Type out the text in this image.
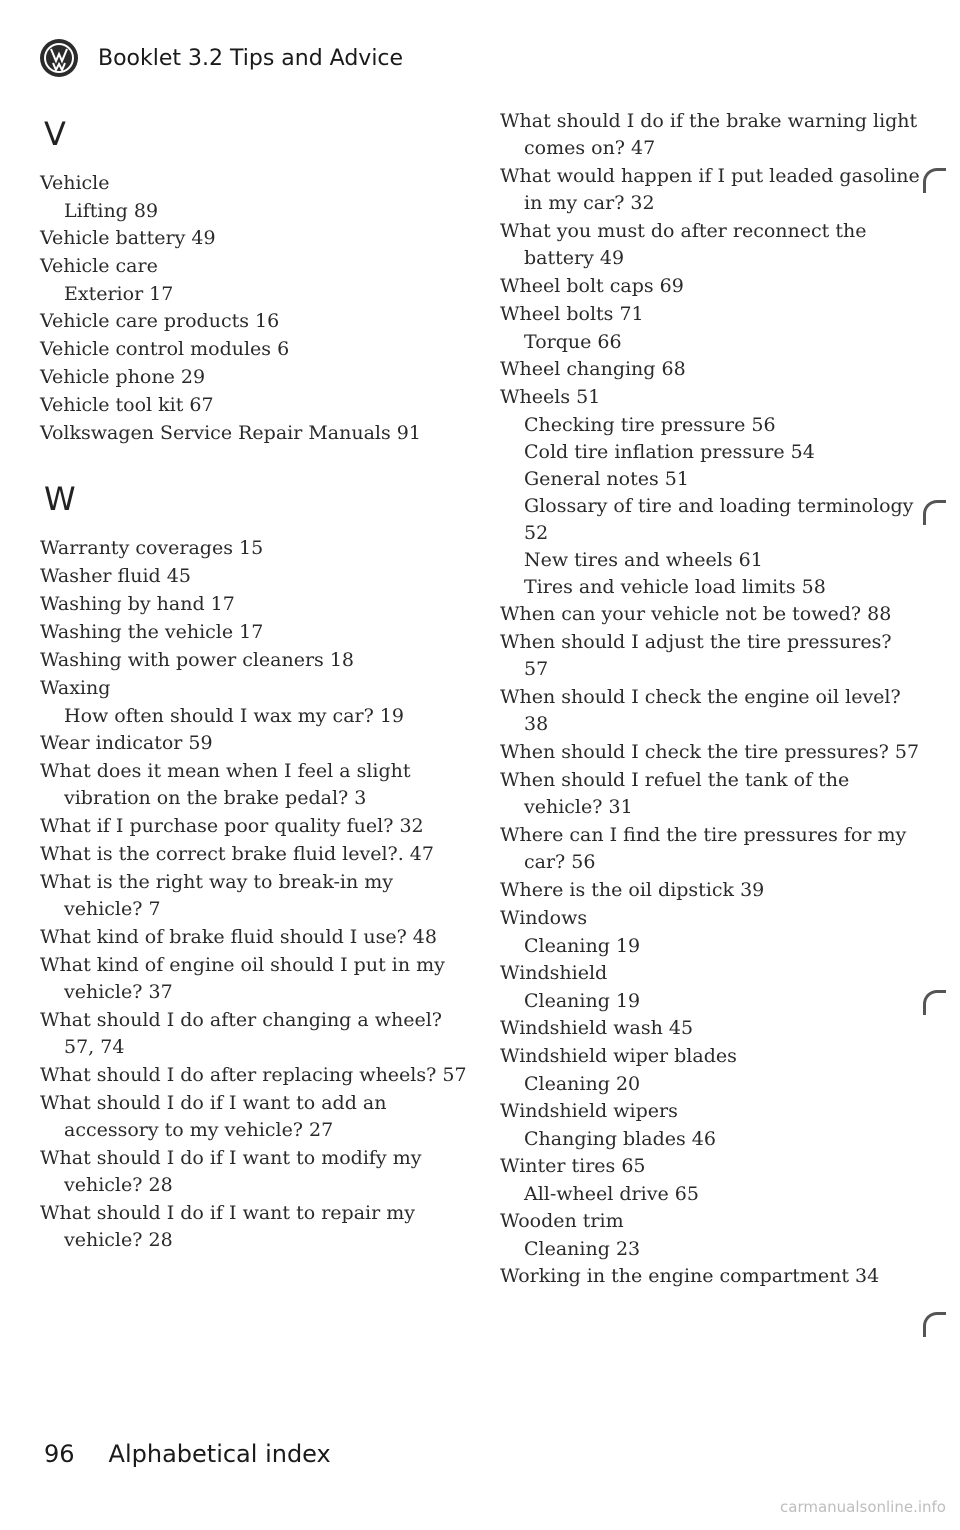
Booklet 3.2 Tips and Advice
V
Vehicle
Lifting 89
Vehicle battery 49
Vehicle care
Exterior 17
Vehicle care products 16
Vehicle control modules 6
Vehicle phone 29
Vehicle tool kit 67
Volkswagen Service Repair Manuals 91
W
Warranty coverages 15
Washer fluid 45
Washing by hand 17
Washing the vehicle 17
Washing with power cleaners 18
Waxing
How often should I wax my car? 19
Wear indicator 59
What does it mean when I feel a slight vibration on the brake pedal? 3
What if I purchase poor quality fuel? 32
What is the correct brake fluid level?. 47
What is the right way to break-in my vehicle? 7
What kind of brake fluid should I use? 48
What kind of engine oil should I put in my vehicle? 37
What should I do after changing a wheel? 57, 74
What should I do after replacing wheels? 57
What should I do if I want to add an accessory to my vehicle? 27
What should I do if I want to modify my vehicle? 28
What should I do if I want to repair my vehicle? 28
What should I do if the brake warning light comes on? 47
What would happen if I put leaded gasoline in my car? 32
What you must do after reconnect the battery 49
Wheel bolt caps 69
Wheel bolts 71
Torque 66
Wheel changing 68
Wheels 51
Checking tire pressure 56
Cold tire inflation pressure 54
General notes 51
Glossary of tire and loading terminology 52
New tires and wheels 61
Tires and vehicle load limits 58
When can your vehicle not be towed? 88
When should I adjust the tire pressures? 57
When should I check the engine oil level? 38
When should I check the tire pressures? 57
When should I refuel the tank of the vehicle? 31
Where can I find the tire pressures for my car? 56
Where is the oil dipstick 39
Windows
Cleaning 19
Windshield
Cleaning 19
Windshield wash 45
Windshield wiper blades
Cleaning 20
Windshield wipers
Changing blades 46
Winter tires 65
All-wheel drive 65
Wooden trim
Cleaning 23
Working in the engine compartment 34
96 Alphabetical index
carmanualsonline.info
